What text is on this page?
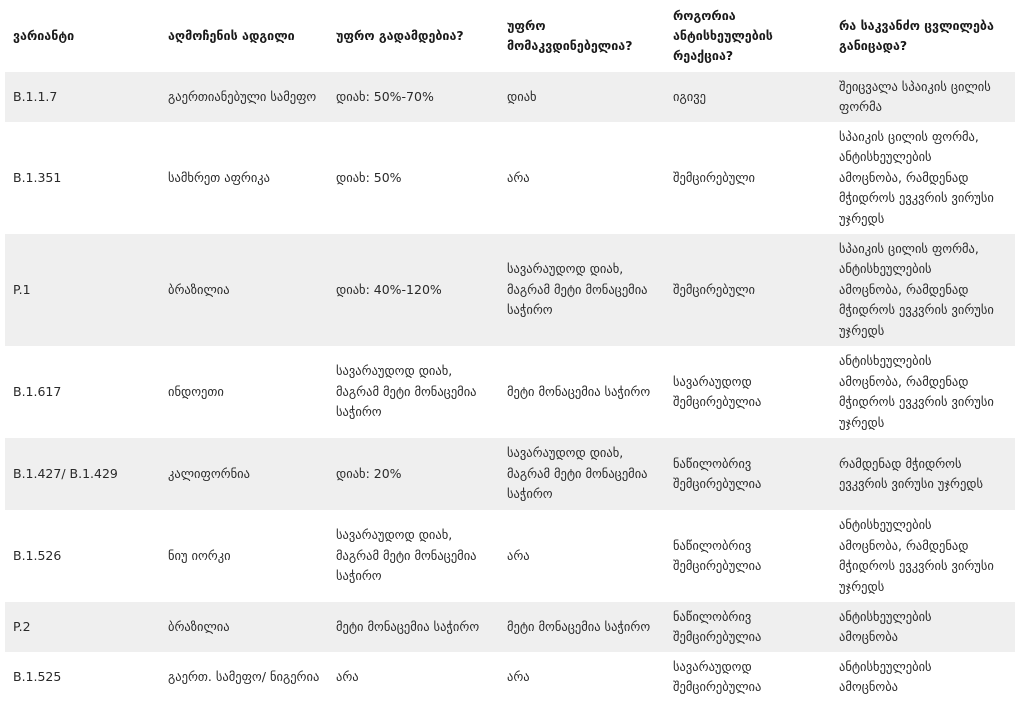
ვარიანტი	აღმოჩენის ადგილი	უფრო გადამდებია?	უფრო
მომაკვდინებელია?	როგორია
ანტისხეულების
რეაქცია?	რა საკვანძო ცვლილება
განიცადა?
B.1.1.7	გაერთიანებული სამეფო	დიახ: 50%-70%	დიახ	იგივე	შეიცვალა სპაიკის ცილის
ფორმა
B.1.351	სამხრეთ აფრიკა	დიახ: 50%	არა	შემცირებული	სპაიკის ცილის ფორმა,
ანტისხეულების
ამოცნობა, რამდენად
მჭიდროს ევკვრის ვირუსი
უჯრედს
P.1	ბრაზილია	დიახ: 40%-120%	სავარაუდოდ დიახ,
მაგრამ მეტი მონაცემია
საჭირო	შემცირებული	სპაიკის ცილის ფორმა,
ანტისხეულების
ამოცნობა, რამდენად
მჭიდროს ევკვრის ვირუსი
უჯრედს
B.1.617	ინდოეთი	სავარაუდოდ დიახ,
მაგრამ მეტი მონაცემია
საჭირო	მეტი მონაცემია საჭირო	სავარაუდოდ
შემცირებულია	ანტისხეულების
ამოცნობა, რამდენად
მჭიდროს ევკვრის ვირუსი
უჯრედს
B.1.427/ B.1.429	კალიფორნია	დიახ: 20%	სავარაუდოდ დიახ,
მაგრამ მეტი მონაცემია
საჭირო	ნაწილობრივ
შემცირებულია	რამდენად მჭიდროს
ევკვრის ვირუსი უჯრედს
B.1.526	ნიუ იორკი	სავარაუდოდ დიახ,
მაგრამ მეტი მონაცემია
საჭირო	არა	ნაწილობრივ
შემცირებულია	ანტისხეულების
ამოცნობა, რამდენად
მჭიდროს ევკვრის ვირუსი
უჯრედს
P.2	ბრაზილია	მეტი მონაცემია საჭირო	მეტი მონაცემია საჭირო	ნაწილობრივ
შემცირებულია	ანტისხეულების
ამოცნობა
B.1.525	გაერთ. სამეფო/ ნიგერია	არა	არა	სავარაუდოდ
შემცირებულია	ანტისხეულების
ამოცნობა
